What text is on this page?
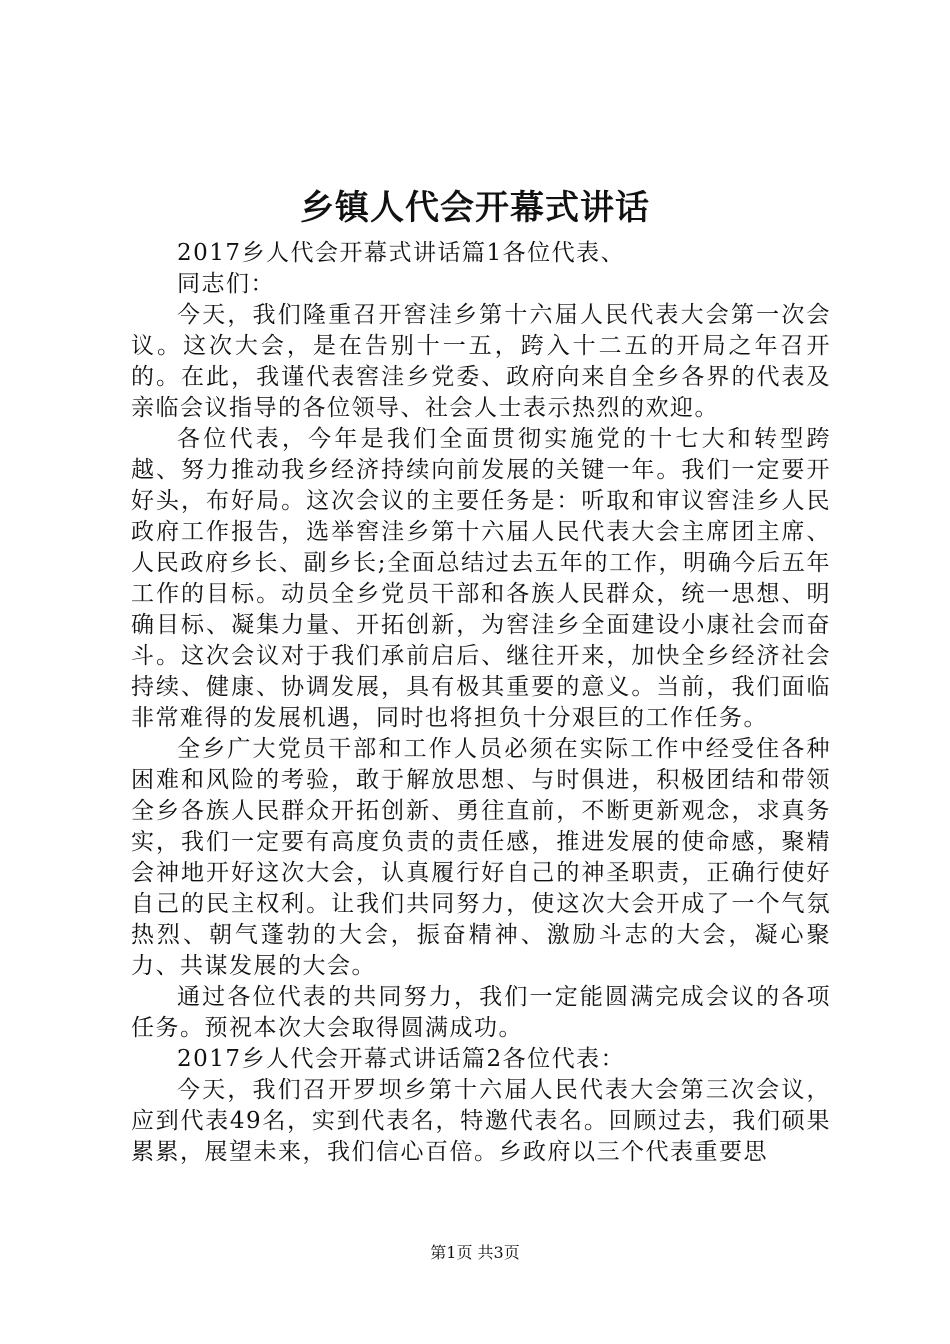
乡镇人代会开幕式讲话

2017乡人代会开幕式讲话篇1各位代表、

同志们：

今天，我们隆重召开窖洼乡第十六届人民代表大会第一次会议。这次大会，是在告别十一五，跨入十二五的开局之年召开的。在此，我谨代表窖洼乡党委、政府向来自全乡各界的代表及亲临会议指导的各位领导、社会人士表示热烈的欢迎。

各位代表，今年是我们全面贯彻实施党的十七大和转型跨越、努力推动我乡经济持续向前发展的关键一年。我们一定要开好头，布好局。这次会议的主要任务是：听取和审议窖洼乡人民政府工作报告，选举窖洼乡第十六届人民代表大会主席团主席、人民政府乡长、副乡长;全面总结过去五年的工作，明确今后五年工作的目标。动员全乡党员干部和各族人民群众，统一思想、明确目标、凝集力量、开拓创新，为窖洼乡全面建设小康社会而奋斗。这次会议对于我们承前启后、继往开来，加快全乡经济社会持续、健康、协调发展，具有极其重要的意义。当前，我们面临非常难得的发展机遇，同时也将担负十分艰巨的工作任务。

全乡广大党员干部和工作人员必须在实际工作中经受住各种困难和风险的考验，敢于解放思想、与时俱进，积极团结和带领全乡各族人民群众开拓创新、勇往直前，不断更新观念，求真务实，我们一定要有高度负责的责任感，推进发展的使命感，聚精会神地开好这次大会，认真履行好自己的神圣职责，正确行使好自己的民主权利。让我们共同努力，使这次大会开成了一个气氛热烈、朝气蓬勃的大会，振奋精神、激励斗志的大会，凝心聚力、共谋发展的大会。

通过各位代表的共同努力，我们一定能圆满完成会议的各项任务。预祝本次大会取得圆满成功。

2017乡人代会开幕式讲话篇2各位代表：

今天，我们召开罗坝乡第十六届人民代表大会第三次会议，应到代表49名，实到代表名，特邀代表名。回顾过去，我们硕果累累，展望未来，我们信心百倍。乡政府以三个代表重要思

第1页 共3页
